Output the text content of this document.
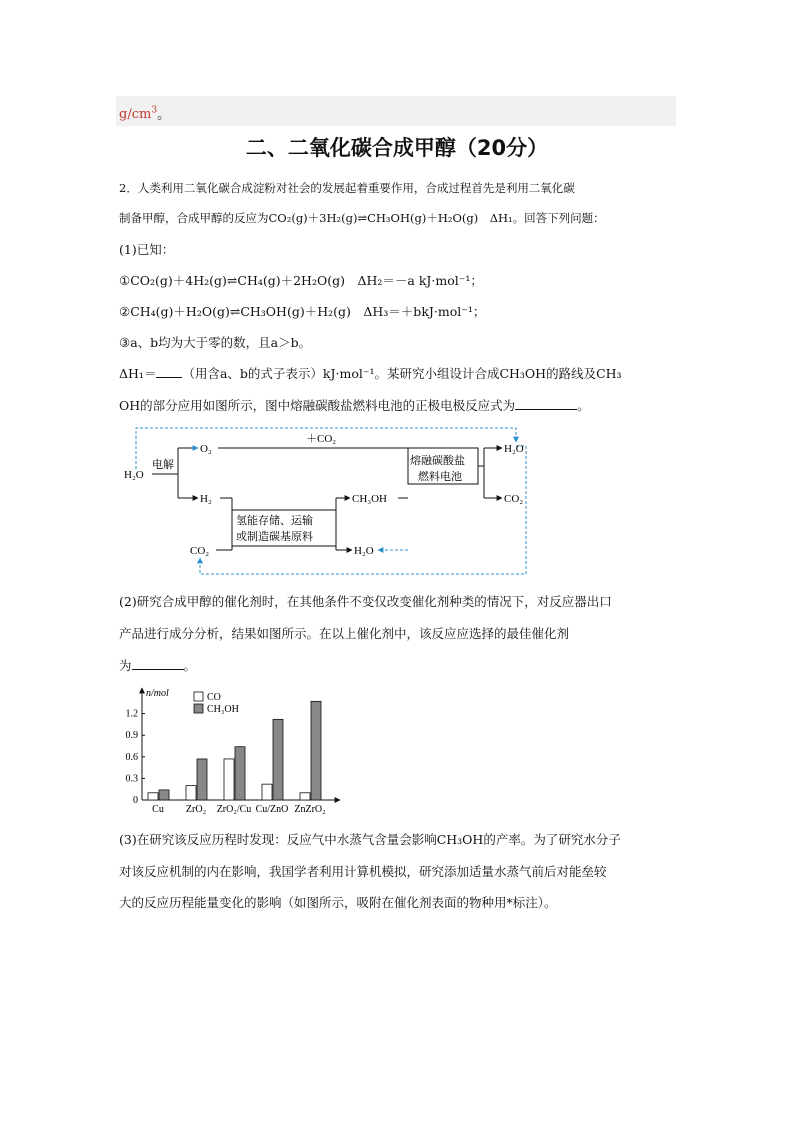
$g/cm^3$。
二、二氧化碳合成甲醇（20分）
2．人类利用二氧化碳合成淀粉对社会的发展起着重要作用，合成过程首先是利用二氧化碳
制备甲醇，合成甲醇的反应为CO₂(g)＋3H₂(g)⇌CH₃OH(g)＋H₂O(g)　ΔH₁。回答下列问题：
(1)已知：
①CO₂(g)＋4H₂(g)⇌CH₄(g)＋2H₂O(g)　ΔH₂＝－a kJ·mol⁻¹；
②CH₄(g)＋H₂O(g)⇌CH₃OH(g)＋H₂(g)　ΔH₃＝＋bkJ·mol⁻¹；
③a、b均为大于零的数，且a＞b。
ΔH₁＝ （用含a、b的式子表示）kJ·mol⁻¹。某研究小组设计合成CH₃OH的路线及CH₃
OH的部分应用如图所示，图中熔融碳酸盐燃料电池的正极电极反应式为	。
H₂O
电解
O₂
＋CO₂
H₂
CO₂
氢能存储、运输
或制造碳基原料
CH₃OH
H₂O
熔融碳酸盐
燃料电池
H₂O
CO₂
(2)研究合成甲醇的催化剂时，在其他条件不变仅改变催化剂种类的情况下，对反应器出口
产品进行成分分析，结果如图所示。在以上催化剂中，该反应应选择的最佳催化剂
为	。
n/mol
0
0.3
0.6
0.9
1.2
Cu ZrO₂ ZrO₂/Cu Cu/ZnO ZnZrO₂
CO
CH₃OH
(3)在研究该反应历程时发现：反应气中水蒸气含量会影响CH₃OH的产率。为了研究水分子
对该反应机制的内在影响，我国学者利用计算机模拟，研究添加适量水蒸气前后对能垒较
大的反应历程能量变化的影响（如图所示，吸附在催化剂表面的物种用*标注）。
